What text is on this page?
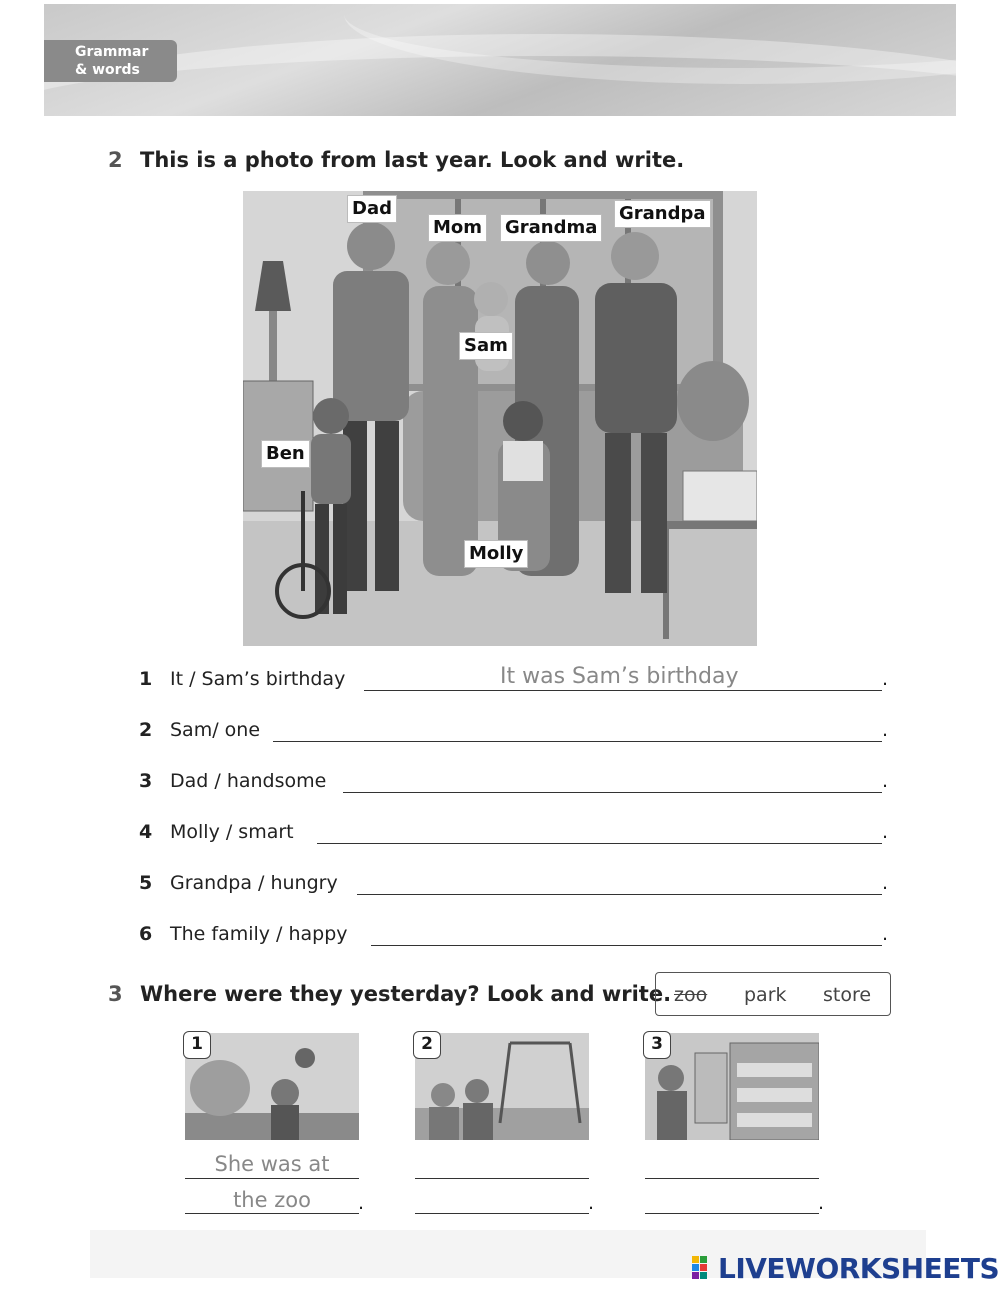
Grammar
& words
2 This is a photo from last year. Look and write.
Dad
Mom Grandma
Grandpa
Sam
Ben
Molly
1 It / Sam’s birthday	It was Sam’s birthday	.
2 Sam/ one	.
3 Dad / handsome	.
4 Molly / smart	.
5 Grandpa / hungry	.
6 The family / happy	.
3 Where were they yesterday? Look and write. zoo park store
1	2	3
She was at
the zoo	.	.	.
LIVEWORKSHEETS
